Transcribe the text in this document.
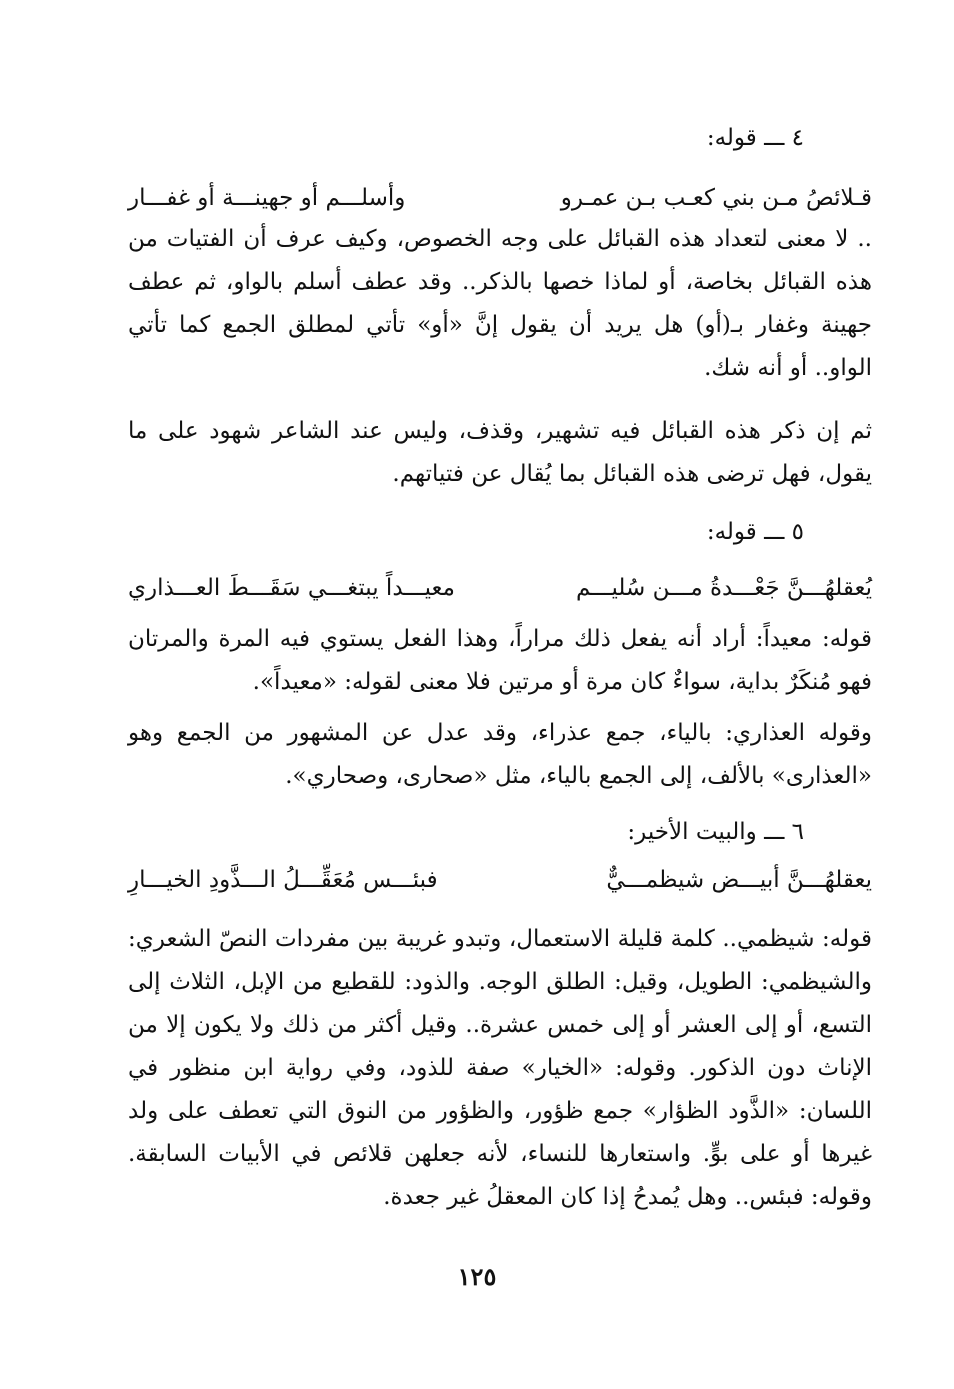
٤ ـــ قوله:
قـلائصُ مـن بني كعـب بـن عمـرو
وأسلـــم أو جهينـــة أو غفـــار

.. لا معنى لتعداد هذه القبائل على وجه الخصوص، وكيف عرف أن الفتيات من هذه القبائل بخاصة، أو لماذا خصها بالذكر.. وقد عطف أسلم بالواو، ثم عطف جهينة وغفار بـ(أو) هل يريد أن يقول إنَّ «أو» تأتي لمطلق الجمع كما تأتي الواو.. أو أنه شك.

ثم إن ذكر هذه القبائل فيه تشهير، وقذف، وليس عند الشاعر شهود على ما يقول، فهل ترضى هذه القبائل بما يُقال عن فتياتهم.

٥ ـــ قوله:
يُعقلهُـــنَّ جَعْـــدةُ مـــن سُليـــم
معيـــداً يبتغـــي سَقَـــطَ العـــذاري

قوله: معيداً: أراد أنه يفعل ذلك مراراً، وهذا الفعل يستوي فيه المرة والمرتان فهو مُنكَرٌ بداية، سواءٌ كان مرة أو مرتين فلا معنى لقوله: «معيداً».

وقوله العذاري: بالياء، جمع عذراء، وقد عدل عن المشهور من الجمع وهو «العذارى» بالألف، إلى الجمع بالياء، مثل «صحارى، وصحاري».

٦ ـــ والبيت الأخير:
يعقلهُـــنَّ أبيـــض شيظمـــيٌّ
فبئـــس مُعَقِّـــلُ الـــذَّودِ الخيـــارِ

قوله: شيظمي.. كلمة قليلة الاستعمال، وتبدو غريبة بين مفردات النصّ الشعري: والشيظمي: الطويل، وقيل: الطلق الوجه. والذود: للقطيع من الإبل، الثلاث إلى التسع، أو إلى العشر أو إلى خمس عشرة.. وقيل أكثر من ذلك ولا يكون إلا من الإناث دون الذكور. وقوله: «الخيار» صفة للذود، وفي رواية ابن منظور في اللسان: «الذَّود الظؤار» جمع ظؤور، والظؤور من النوق التي تعطف على ولد غيرها أو على بوٍّ. واستعارها للنساء، لأنه جعلهن قلائص في الأبيات السابقة. وقوله: فبئس.. وهل يُمدحُ إذا كان المعقلُ غير جعدة.

١٢٥
